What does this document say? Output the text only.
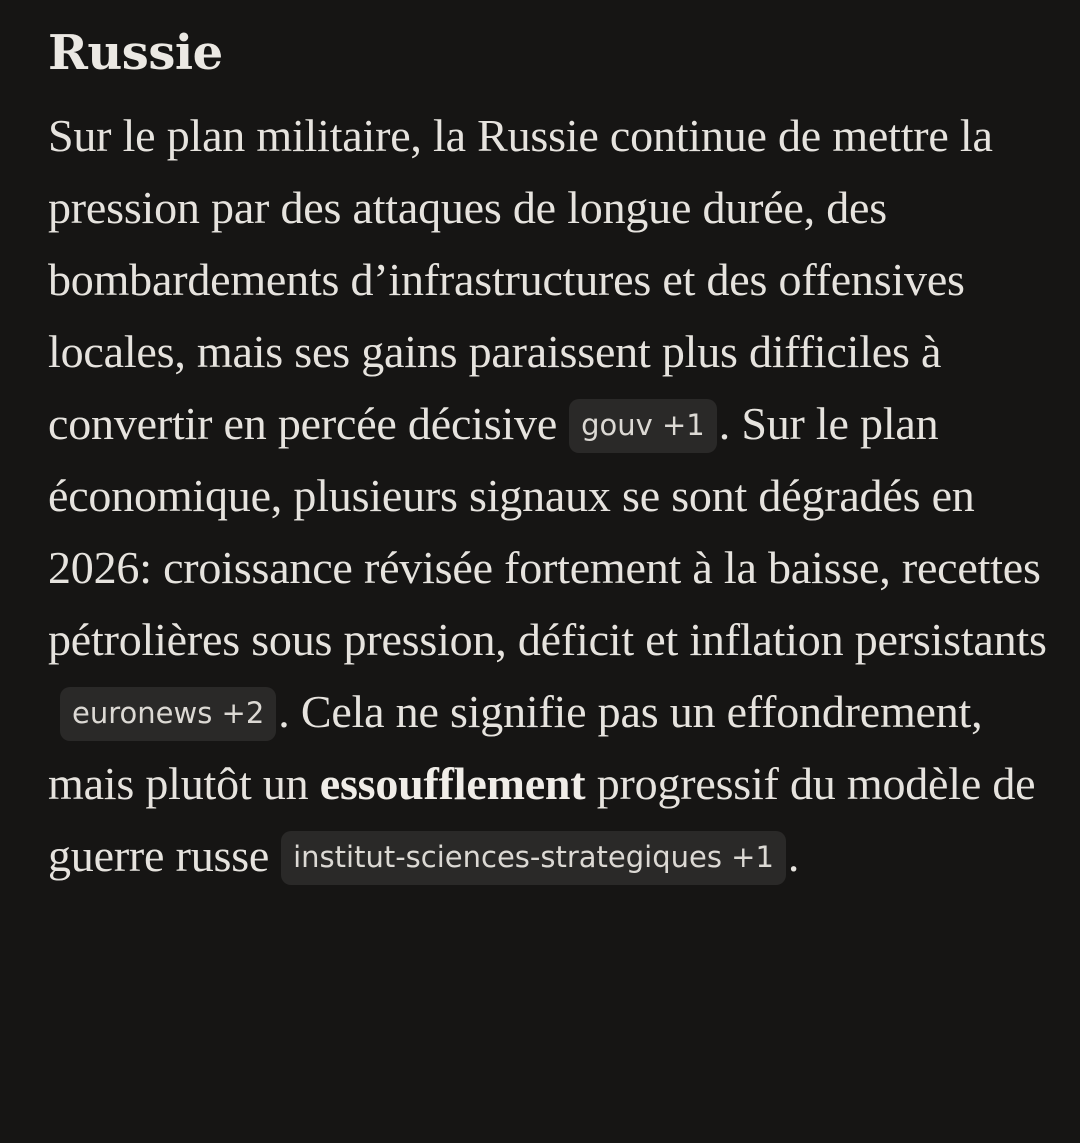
Russie

Sur le plan militaire, la Russie continue de mettre la pression par des attaques de longue durée, des bombardements d’infrastructures et des offensives locales, mais ses gains paraissent plus difficiles à convertir en percée décisive gouv +1 . Sur le plan économique, plusieurs signaux se sont dégradés en 2026: croissance révisée fortement à la baisse, recettes pétrolières sous pression, déficit et inflation persistantseuronews +2 . Cela ne signifie pas un effondrement, mais plutôt un essoufflement progressif du modèle de guerre russe institut-sciences-strategiques +1 .
